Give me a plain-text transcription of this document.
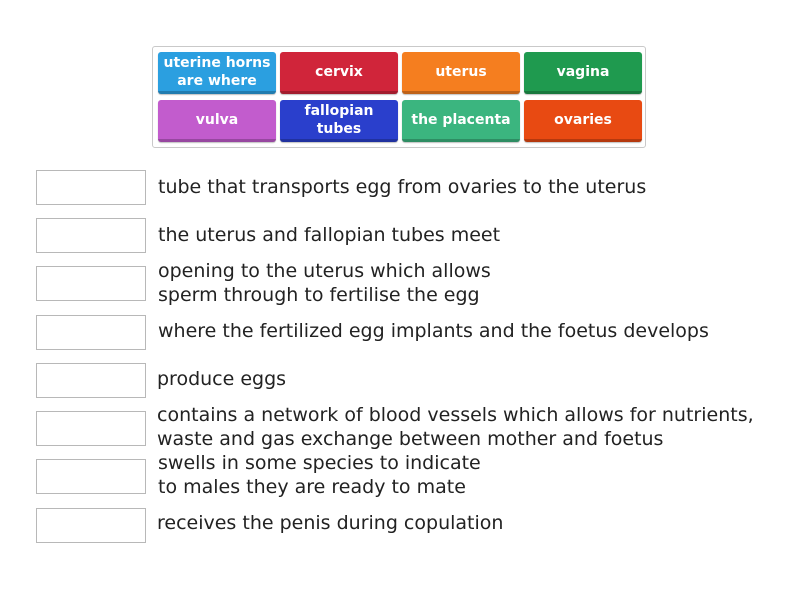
uterine horns
are where
cervix	uterus	vagina
vulva
fallopian
tubes
the placenta	ovaries
tube that transports egg from ovaries to the uterus
the uterus and fallopian tubes meet
opening to the uterus which allows
sperm through to fertilise the egg
where the fertilized egg implants and the foetus develops
produce eggs
contains a network of blood vessels which allows for nutrients,
waste and gas exchange between mother and foetus
swells in some species to indicate
to males they are ready to mate
receives the penis during copulation
